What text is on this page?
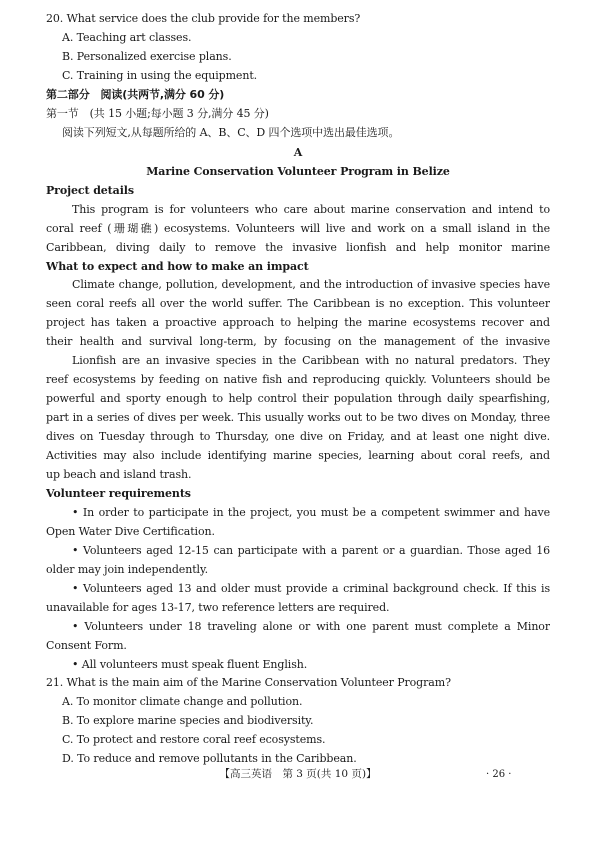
20. What service does the club provide for the members?
A. Teaching art classes.
B. Personalized exercise plans.
C. Training in using the equipment.
第二部分　阅读(共两节,满分 60 分)
第一节　(共 15 小题;每小题 3 分,满分 45 分)
阅读下列短文,从每题所给的 A、B、C、D 四个选项中选出最佳选项。
A
Marine Conservation Volunteer Program in Belize
Project details
This program is for volunteers who care about marine conservation and intend to
coral reef (珊瑚礁) ecosystems. Volunteers will live and work on a small island in the
Caribbean, diving daily to remove the invasive lionfish and help monitor marine
What to expect and how to make an impact
Climate change, pollution, development, and the introduction of invasive species have
seen coral reefs all over the world suffer. The Caribbean is no exception. This volunteer
project has taken a proactive approach to helping the marine ecosystems recover and
their health and survival long-term, by focusing on the management of the invasive
Lionfish are an invasive species in the Caribbean with no natural predators. They
reef ecosystems by feeding on native fish and reproducing quickly. Volunteers should be
powerful and sporty enough to help control their population through daily spearfishing,
part in a series of dives per week. This usually works out to be two dives on Monday, three
dives on Tuesday through to Thursday, one dive on Friday, and at least one night dive.
Activities may also include identifying marine species, learning about coral reefs, and
up beach and island trash.
Volunteer requirements
• In order to participate in the project, you must be a competent swimmer and have
Open Water Dive Certification.
• Volunteers aged 12-15 can participate with a parent or a guardian. Those aged 16
older may join independently.
• Volunteers aged 13 and older must provide a criminal background check. If this is
unavailable for ages 13-17, two reference letters are required.
• Volunteers under 18 traveling alone or with one parent must complete a Minor
Consent Form.
• All volunteers must speak fluent English.
21. What is the main aim of the Marine Conservation Volunteer Program?
A. To monitor climate change and pollution.
B. To explore marine species and biodiversity.
C. To protect and restore coral reef ecosystems.
D. To reduce and remove pollutants in the Caribbean.
【高三英语　第 3 页(共 10 页)】	· 26 ·
